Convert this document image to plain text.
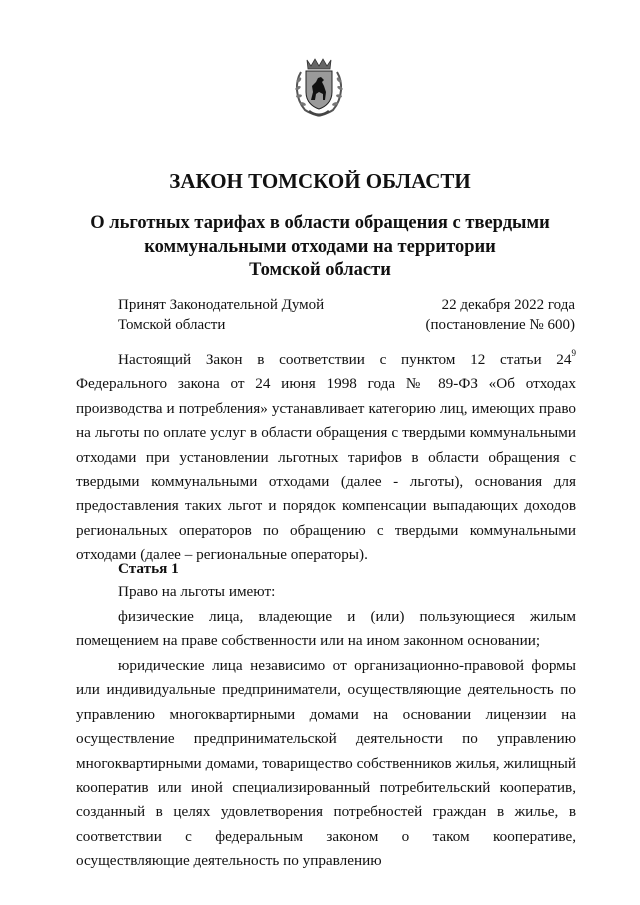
ЗАКОН ТОМСКОЙ ОБЛАСТИ
О льготных тарифах в области обращения с твердыми
коммунальными отходами на территории
Томской области
Принят Законодательной Думой
Томской области
22 декабря 2022 года
(постановление № 600)

Настоящий Закон в соответствии с пунктом 12 статьи $24^9$ Федерального закона от 24 июня 1998 года № 89-ФЗ «Об отходах производства и потребления» устанавливает категорию лиц, имеющих право на льготы по оплате услуг в области обращения с твердыми коммунальными отходами при установлении льготных тарифов в области обращения с твердыми коммунальными отходами (далее - льготы), основания для предоставления таких льгот и порядок компенсации выпадающих доходов региональных операторов по обращению с твердыми коммунальными отходами (далее – региональные операторы).

Статья 1

Право на льготы имеют:

физические лица, владеющие и (или) пользующиеся жилым помещением на праве собственности или на ином законном основании;

юридические лица независимо от организационно-правовой формы или индивидуальные предприниматели, осуществляющие деятельность по управлению многоквартирными домами на основании лицензии на осуществление предпринимательской деятельности по управлению многоквартирными домами, товарищество собственников жилья, жилищный кооператив или иной специализированный потребительский кооператив, созданный в целях удовлетворения потребностей граждан в жилье, в соответствии с федеральным законом о таком кооперативе, осуществляющие деятельность по управлению
